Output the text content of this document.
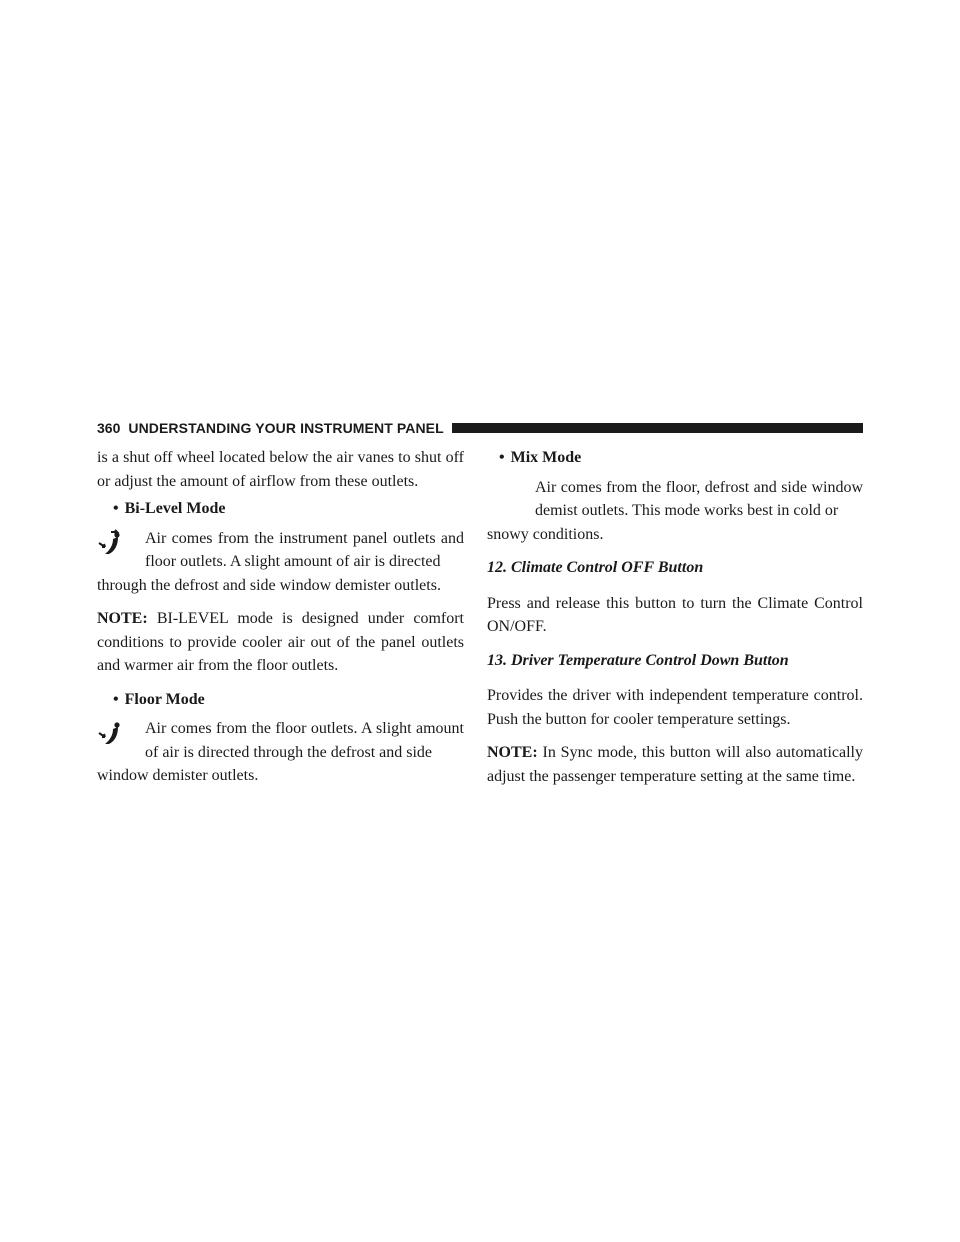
360 UNDERSTANDING YOUR INSTRUMENT PANEL

is a shut off wheel located below the air vanes to shut off or adjust the amount of airflow from these outlets.

• Bi-Level Mode
Air comes from the instrument panel outlets and floor outlets. A slight amount of air is directed
through the defrost and side window demister outlets.

NOTE: BI-LEVEL mode is designed under comfort conditions to provide cooler air out of the panel outlets and warmer air from the floor outlets.

• Floor Mode
Air comes from the floor outlets. A slight amount of air is directed through the defrost and side
window demister outlets.
• Mix Mode
Air comes from the floor, defrost and side window demist outlets. This mode works best in cold or
snowy conditions.
12. Climate Control OFF Button

Press and release this button to turn the Climate Control ON/OFF.

13. Driver Temperature Control Down Button

Provides the driver with independent temperature control. Push the button for cooler temperature settings.

NOTE: In Sync mode, this button will also automatically adjust the passenger temperature setting at the same time.
